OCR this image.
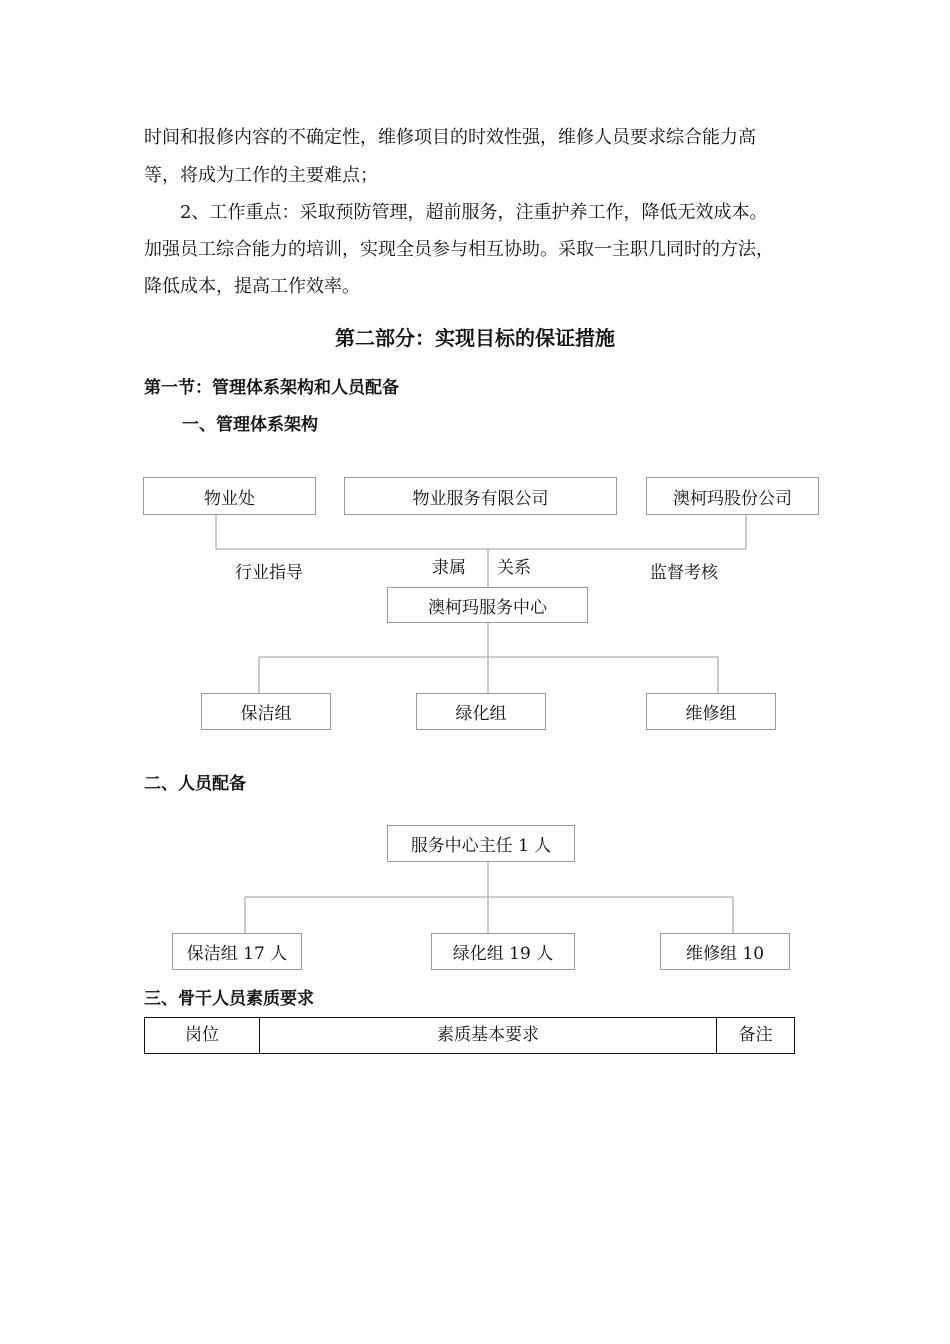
时间和报修内容的不确定性，维修项目的时效性强，维修人员要求综合能力高
等，将成为工作的主要难点；
2、工作重点：采取预防管理，超前服务，注重护养工作，降低无效成本。
加强员工综合能力的培训，实现全员参与相互协助。采取一主职几同时的方法，
降低成本，提高工作效率。
第二部分：实现目标的保证措施
第一节：管理体系架构和人员配备
一、管理体系架构
物业处	物业服务有限公司	澳柯玛股份公司
行业指导	隶属 关系	监督考核
澳柯玛服务中心
保洁组	绿化组	维修组
二、人员配备
服务中心主任 1 人
保洁组 17 人	绿化组 19 人	维修组 10
三、骨干人员素质要求
岗位	素质基本要求	备注
